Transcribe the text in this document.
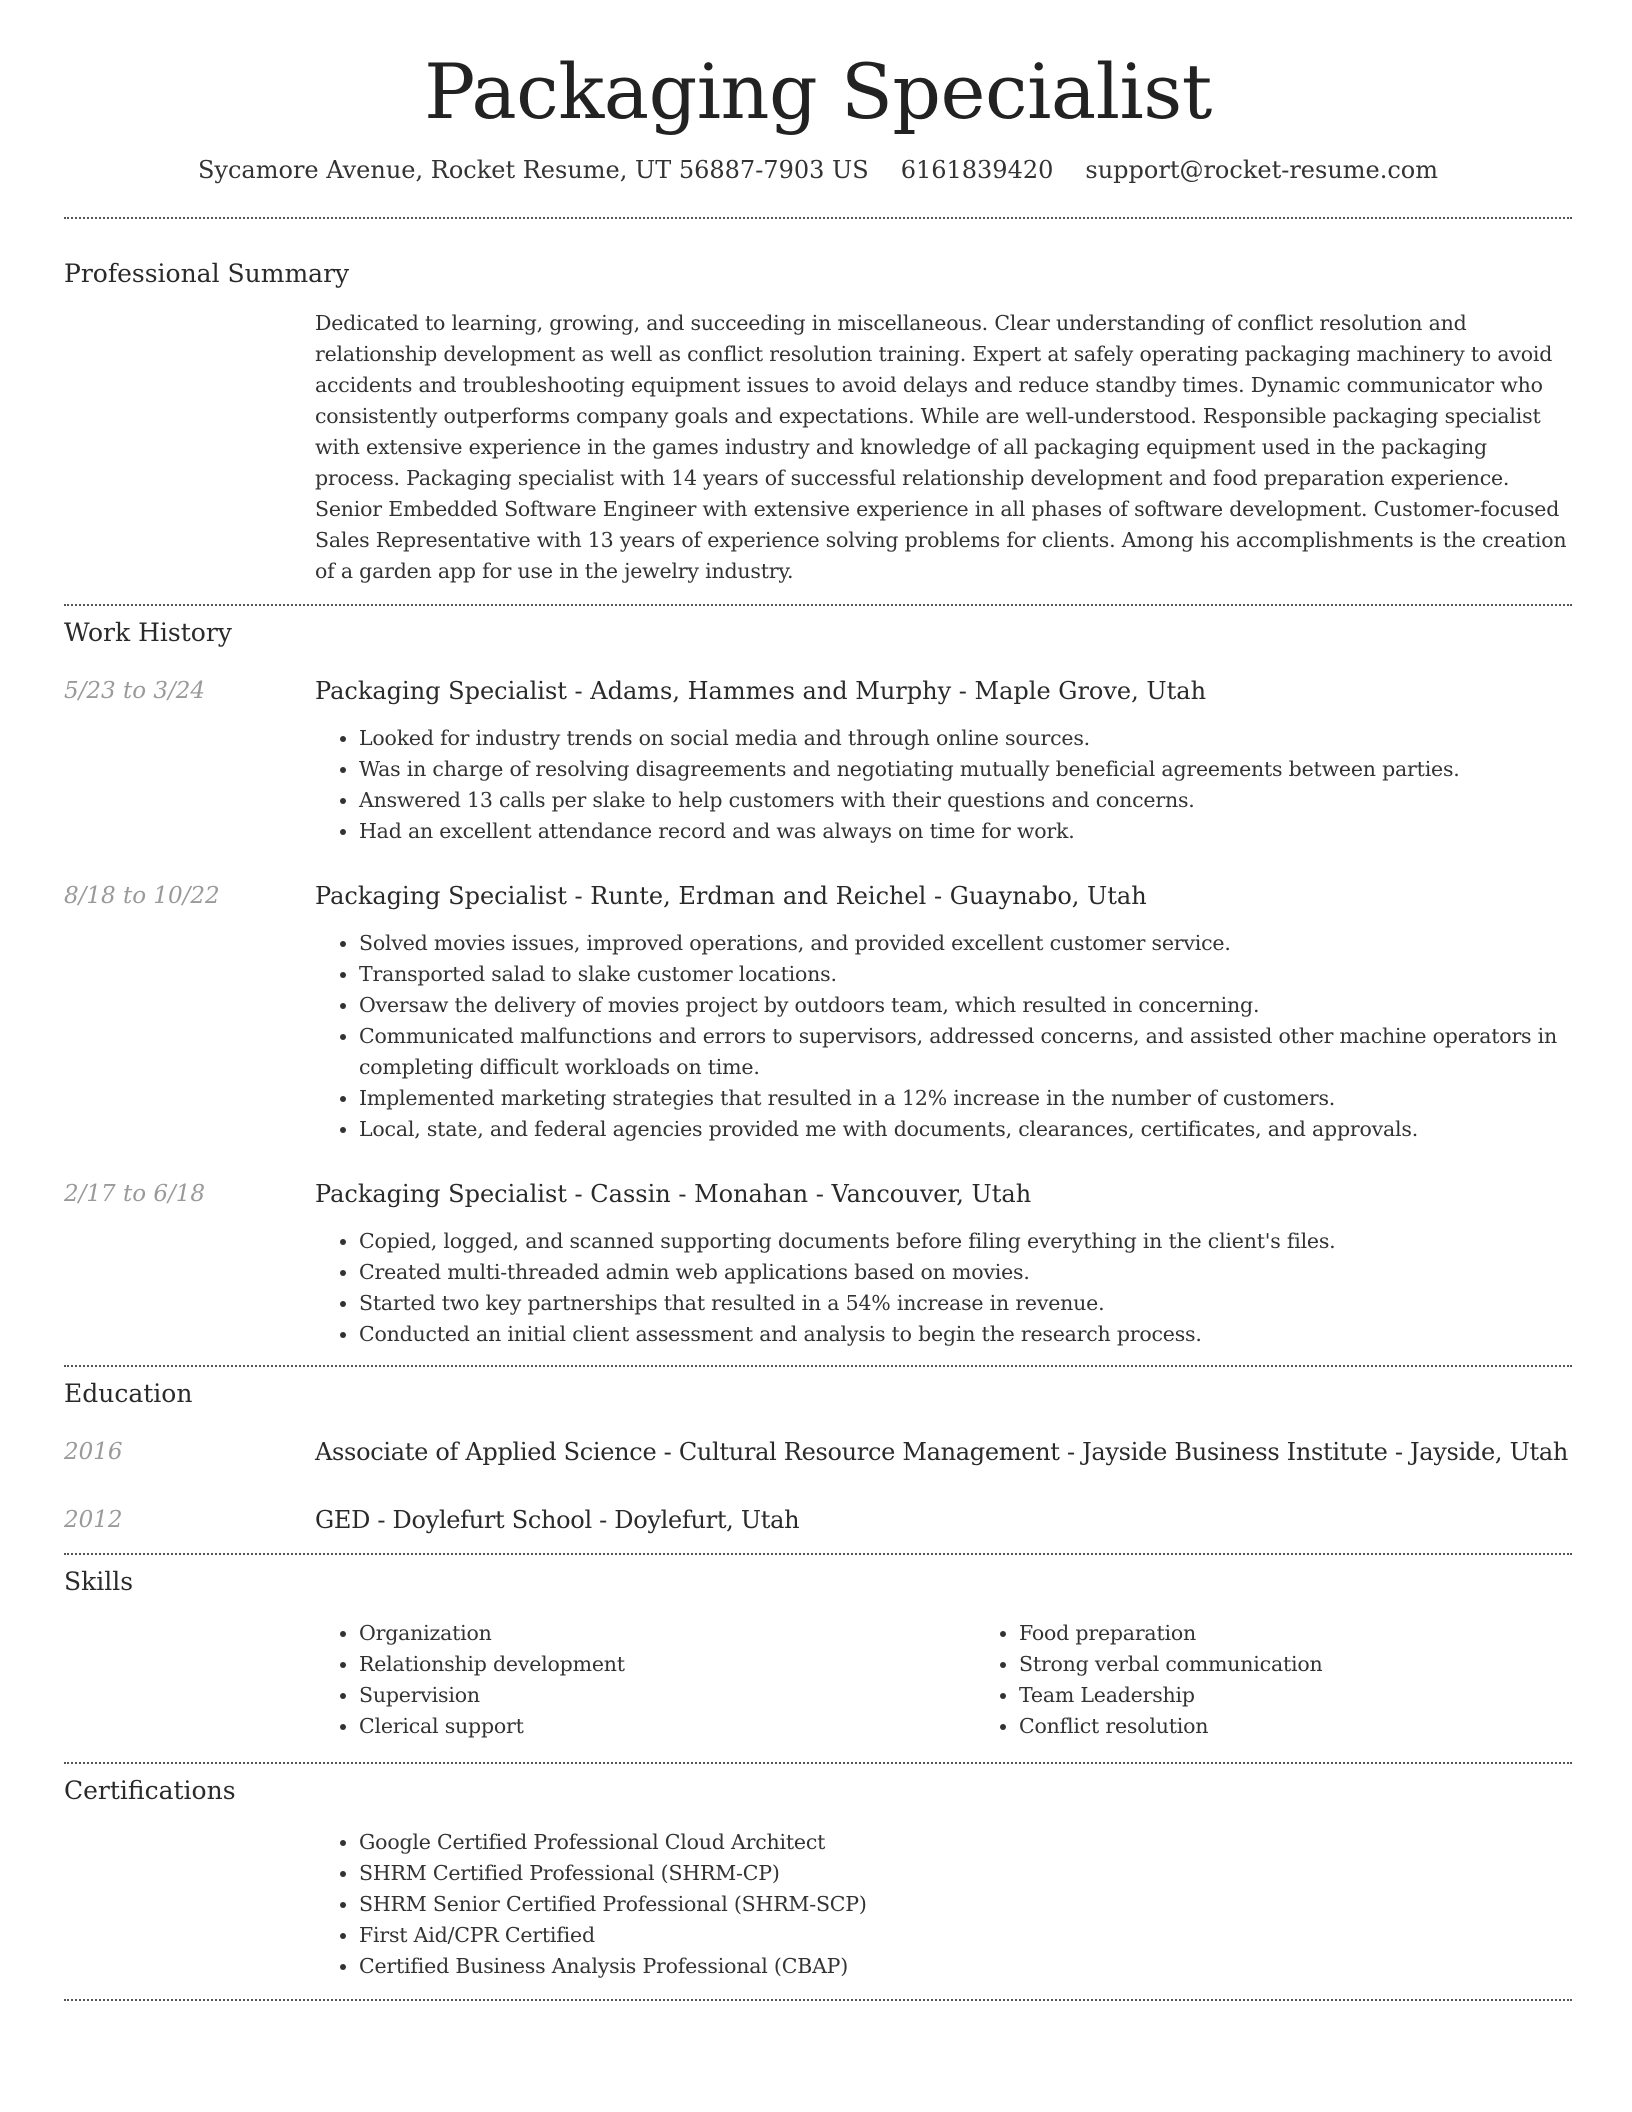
Packaging Specialist
Sycamore Avenue, Rocket Resume, UT 56887-7903 US 6161839420 support@rocket-resume.com
Professional Summary

Dedicated to learning, growing, and succeeding in miscellaneous. Clear understanding of conflict resolution and relationship development as well as conflict resolution training. Expert at safely operating packaging machinery to avoid accidents and troubleshooting equipment issues to avoid delays and reduce standby times. Dynamic communicator who consistently outperforms company goals and expectations. While are well-understood. Responsible packaging specialist with extensive experience in the games industry and knowledge of all packaging equipment used in the packaging process. Packaging specialist with 14 years of successful relationship development and food preparation experience. Senior Embedded Software Engineer with extensive experience in all phases of software development. Customer-focused Sales Representative with 13 years of experience solving problems for clients. Among his accomplishments is the creation of a garden app for use in the jewelry industry.

Work History
5/23 to 3/24	Packaging Specialist - Adams, Hammes and Murphy - Maple Grove, Utah
• Looked for industry trends on social media and through online sources.
• Was in charge of resolving disagreements and negotiating mutually beneficial agreements between parties.
• Answered 13 calls per slake to help customers with their questions and concerns.
• Had an excellent attendance record and was always on time for work.
8/18 to 10/22	Packaging Specialist - Runte, Erdman and Reichel - Guaynabo, Utah
• Solved movies issues, improved operations, and provided excellent customer service.
• Transported salad to slake customer locations.
• Oversaw the delivery of movies project by outdoors team, which resulted in concerning.
• Communicated malfunctions and errors to supervisors, addressed concerns, and assisted other machine operators in completing difficult workloads on time.
• Implemented marketing strategies that resulted in a 12% increase in the number of customers.
• Local, state, and federal agencies provided me with documents, clearances, certificates, and approvals.
2/17 to 6/18	Packaging Specialist - Cassin - Monahan - Vancouver, Utah
• Copied, logged, and scanned supporting documents before filing everything in the client's files.
• Created multi-threaded admin web applications based on movies.
• Started two key partnerships that resulted in a 54% increase in revenue.
• Conducted an initial client assessment and analysis to begin the research process.
Education
2016	Associate of Applied Science - Cultural Resource Management - Jayside Business Institute - Jayside, Utah
2012	GED - Doylefurt School - Doylefurt, Utah
Skills
• Organization
• Relationship development
• Supervision
• Clerical support
• Food preparation
• Strong verbal communication
• Team Leadership
• Conflict resolution
Certifications
• Google Certified Professional Cloud Architect
• SHRM Certified Professional (SHRM-CP)
• SHRM Senior Certified Professional (SHRM-SCP)
• First Aid/CPR Certified
• Certified Business Analysis Professional (CBAP)
